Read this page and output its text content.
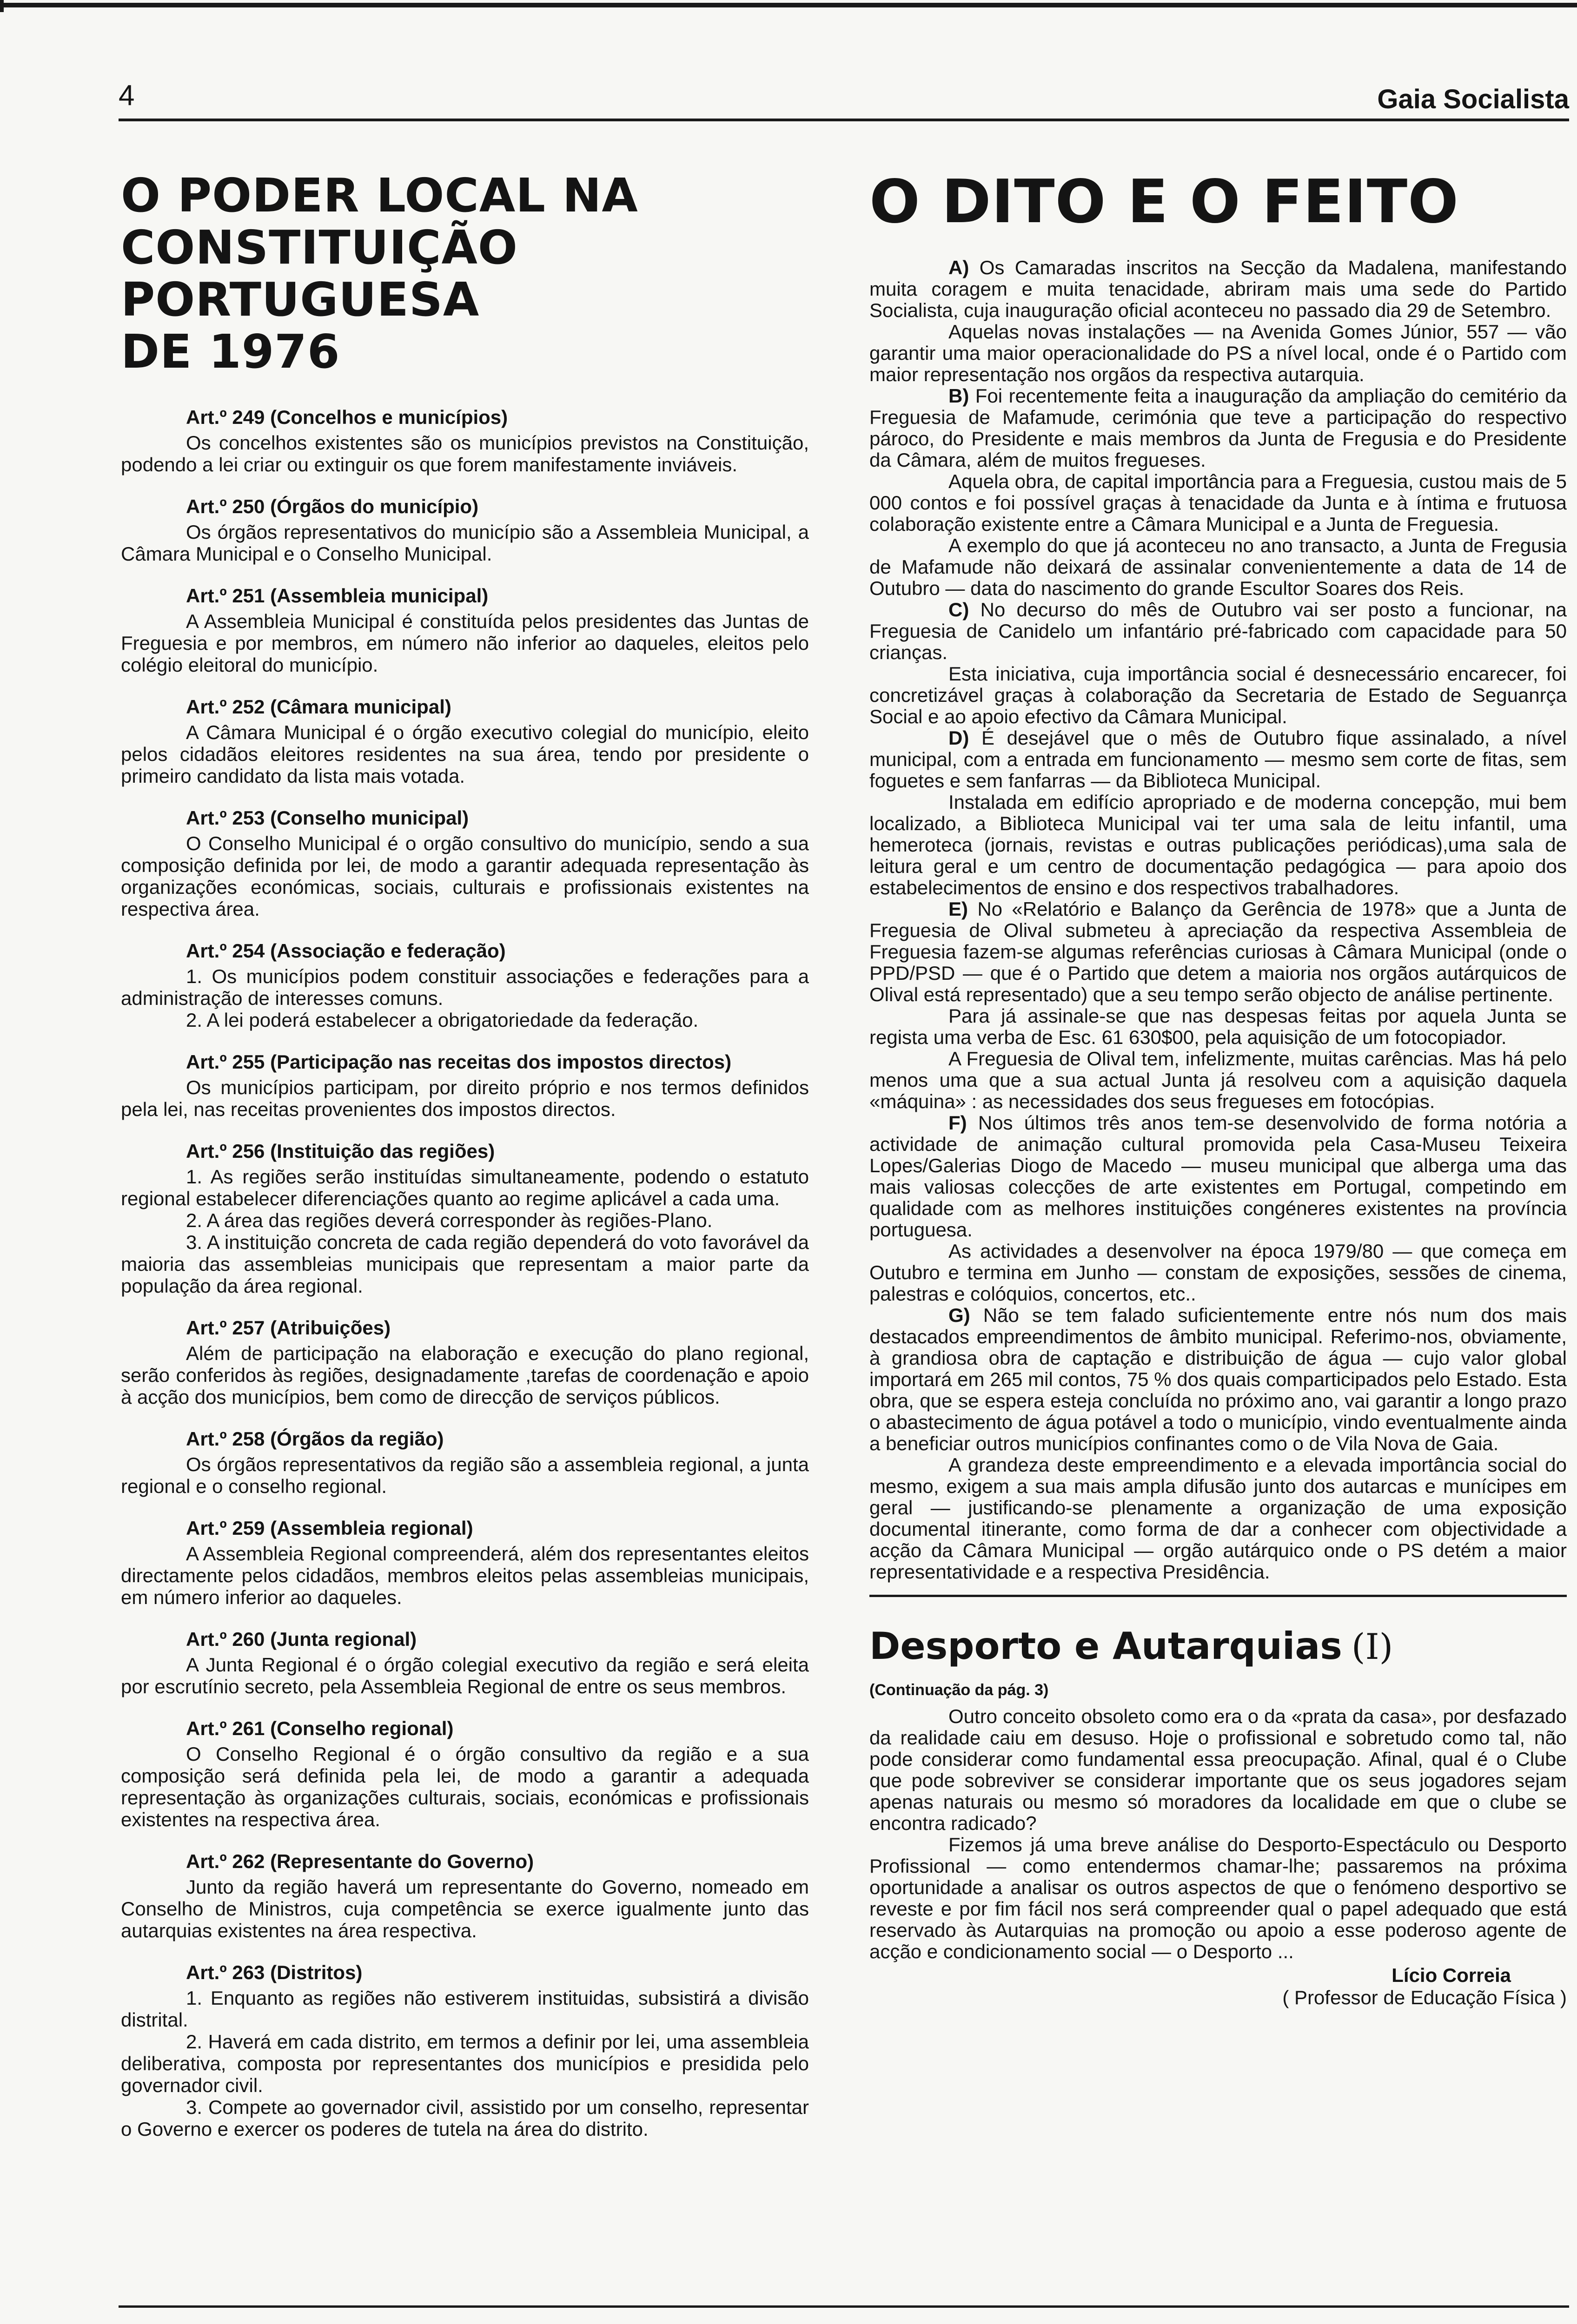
4	Gaia Socialista
O PODER LOCAL NA
CONSTITUIÇÃO PORTUGUESA
DE 1976
Art.º 249 (Concelhos e municípios)

Os concelhos existentes são os municípios previstos na Constituição, podendo a lei criar ou extinguir os que forem manifestamente inviáveis.

Art.º 250 (Órgãos do município)

Os órgãos representativos do município são a Assembleia Municipal, a Câmara Municipal e o Conselho Municipal.

Art.º 251 (Assembleia municipal)

A Assembleia Municipal é constituída pelos presidentes das Juntas de Freguesia e por membros, em número não inferior ao daqueles, eleitos pelo colégio eleitoral do município.

Art.º 252 (Câmara municipal)

A Câmara Municipal é o órgão executivo colegial do município, eleito pelos cidadãos eleitores residentes na sua área, tendo por presidente o primeiro candidato da lista mais votada.

Art.º 253 (Conselho municipal)

O Conselho Municipal é o orgão consultivo do município, sendo a sua composição definida por lei, de modo a garantir adequada representação às organizações económicas, sociais, culturais e profissionais existentes na respectiva área.

Art.º 254 (Associação e federação)

1. Os municípios podem constituir associações e federações para a administração de interesses comuns.

2. A lei poderá estabelecer a obrigatoriedade da federação.

Art.º 255 (Participação nas receitas dos impostos directos)

Os municípios participam, por direito próprio e nos termos definidos pela lei, nas receitas provenientes dos impostos directos.

Art.º 256 (Instituição das regiões)

1. As regiões serão instituídas simultaneamente, podendo o estatuto regional estabelecer diferenciações quanto ao regime aplicável a cada uma.

2. A área das regiões deverá corresponder às regiões-Plano.

3. A instituição concreta de cada região dependerá do voto favorável da maioria das assembleias municipais que representam a maior parte da população da área regional.

Art.º 257 (Atribuições)

Além de participação na elaboração e execução do plano regional, serão conferidos às regiões, designadamente ,tarefas de coordenação e apoio à acção dos municípios, bem como de direcção de serviços públicos.

Art.º 258 (Órgãos da região)

Os órgãos representativos da região são a assembleia regional, a junta regional e o conselho regional.

Art.º 259 (Assembleia regional)

A Assembleia Regional compreenderá, além dos representantes eleitos directamente pelos cidadãos, membros eleitos pelas assembleias municipais, em número inferior ao daqueles.

Art.º 260 (Junta regional)

A Junta Regional é o órgão colegial executivo da região e será eleita por escrutínio secreto, pela Assembleia Regional de entre os seus membros.

Art.º 261 (Conselho regional)

O Conselho Regional é o órgão consultivo da região e a sua composição será definida pela lei, de modo a garantir a adequada representação às organizações culturais, sociais, económicas e profissionais existentes na respectiva área.

Art.º 262 (Representante do Governo)

Junto da região haverá um representante do Governo, nomeado em Conselho de Ministros, cuja competência se exerce igualmente junto das autarquias existentes na área respectiva.

Art.º 263 (Distritos)

1. Enquanto as regiões não estiverem instituidas, subsistirá a divisão distrital.

2. Haverá em cada distrito, em termos a definir por lei, uma assembleia deliberativa, composta por representantes dos municípios e presidida pelo governador civil.

3. Compete ao governador civil, assistido por um conselho, representar o Governo e exercer os poderes de tutela na área do distrito.

O DITO E O FEITO

A) Os Camaradas inscritos na Secção da Madalena, manifestando muita coragem e muita tenacidade, abriram mais uma sede do Partido Socialista, cuja inauguração oficial aconteceu no passado dia 29 de Setembro.

Aquelas novas instalações — na Avenida Gomes Júnior, 557 — vão garantir uma maior operacionalidade do PS a nível local, onde é o Partido com maior representação nos orgãos da respectiva autarquia.

B) Foi recentemente feita a inauguração da ampliação do cemitério da Freguesia de Mafamude, cerimónia que teve a participação do respectivo pároco, do Presidente e mais membros da Junta de Fregusia e do Presidente da Câmara, além de muitos fregueses.

Aquela obra, de capital importância para a Freguesia, custou mais de 5 000 contos e foi possível graças à tenacidade da Junta e à íntima e frutuosa colaboração existente entre a Câmara Municipal e a Junta de Freguesia.

A exemplo do que já aconteceu no ano transacto, a Junta de Fregusia de Mafamude não deixará de assinalar convenientemente a data de 14 de Outubro — data do nascimento do grande Escultor Soares dos Reis.

C) No decurso do mês de Outubro vai ser posto a funcionar, na Freguesia de Canidelo um infantário pré-fabricado com capacidade para 50 crianças.

Esta iniciativa, cuja importância social é desnecessário encarecer, foi concretizável graças à colaboração da Secretaria de Estado de Seguanrça Social e ao apoio efectivo da Câmara Municipal.

D) É desejável que o mês de Outubro fique assinalado, a nível municipal, com a entrada em funcionamento — mesmo sem corte de fitas, sem foguetes e sem fanfarras — da Biblioteca Municipal.

Instalada em edifício apropriado e de moderna concepção, mui bem localizado, a Biblioteca Municipal vai ter uma sala de leitu infantil, uma hemeroteca (jornais, revistas e outras publicações periódicas),uma sala de leitura geral e um centro de documentação pedagógica — para apoio dos estabelecimentos de ensino e dos respectivos trabalhadores.

E) No «Relatório e Balanço da Gerência de 1978» que a Junta de Freguesia de Olival submeteu à apreciação da respectiva Assembleia de Freguesia fazem-se algumas referências curiosas à Câmara Municipal (onde o PPD/PSD — que é o Partido que detem a maioria nos orgãos autárquicos de Olival está representado) que a seu tempo serão objecto de análise pertinente.

Para já assinale-se que nas despesas feitas por aquela Junta se regista uma verba de Esc. 61 630$00, pela aquisição de um fotocopiador.

A Freguesia de Olival tem, infelizmente, muitas carências. Mas há pelo menos uma que a sua actual Junta já resolveu com a aquisição daquela «máquina» : as necessidades dos seus fregueses em fotocópias.

F) Nos últimos três anos tem-se desenvolvido de forma notória a actividade de animação cultural promovida pela Casa-Museu Teixeira Lopes/Galerias Diogo de Macedo — museu municipal que alberga uma das mais valiosas colecções de arte existentes em Portugal, competindo em qualidade com as melhores instituições congéneres existentes na província portuguesa.

As actividades a desenvolver na época 1979/80 — que começa em Outubro e termina em Junho — constam de exposições, sessões de cinema, palestras e colóquios, concertos, etc..

G) Não se tem falado suficientemente entre nós num dos mais destacados empreendimentos de âmbito municipal. Referimo-nos, obviamente, à grandiosa obra de captação e distribuição de água — cujo valor global importará em 265 mil contos, 75 % dos quais comparticipados pelo Estado. Esta obra, que se espera esteja concluída no próximo ano, vai garantir a longo prazo o abastecimento de água potável a todo o município, vindo eventualmente ainda a beneficiar outros municípios confinantes como o de Vila Nova de Gaia.

A grandeza deste empreendimento e a elevada importância social do mesmo, exigem a sua mais ampla difusão junto dos autarcas e munícipes em geral — justificando-se plenamente a organização de uma exposição documental itinerante, como forma de dar a conhecer com objectividade a acção da Câmara Municipal — orgão autárquico onde o PS detém a maior representatividade e a respectiva Presidência.

Desporto e Autarquias (I)
(Continuação da pág. 3)

Outro conceito obsoleto como era o da «prata da casa», por desfazado da realidade caiu em desuso. Hoje o profissional e sobretudo como tal, não pode considerar como fundamental essa preocupação. Afinal, qual é o Clube que pode sobreviver se considerar importante que os seus jogadores sejam apenas naturais ou mesmo só moradores da localidade em que o clube se encontra radicado?

Fizemos já uma breve análise do Desporto-Espectáculo ou Desporto Profissional — como entendermos chamar-lhe; passaremos na próxima oportunidade a analisar os outros aspectos de que o fenómeno desportivo se reveste e por fim fácil nos será compreender qual o papel adequado que está reservado às Autarquias na promoção ou apoio a esse poderoso agente de acção e condicionamento social — o Desporto ...

Lício Correia
( Professor de Educação Física )
